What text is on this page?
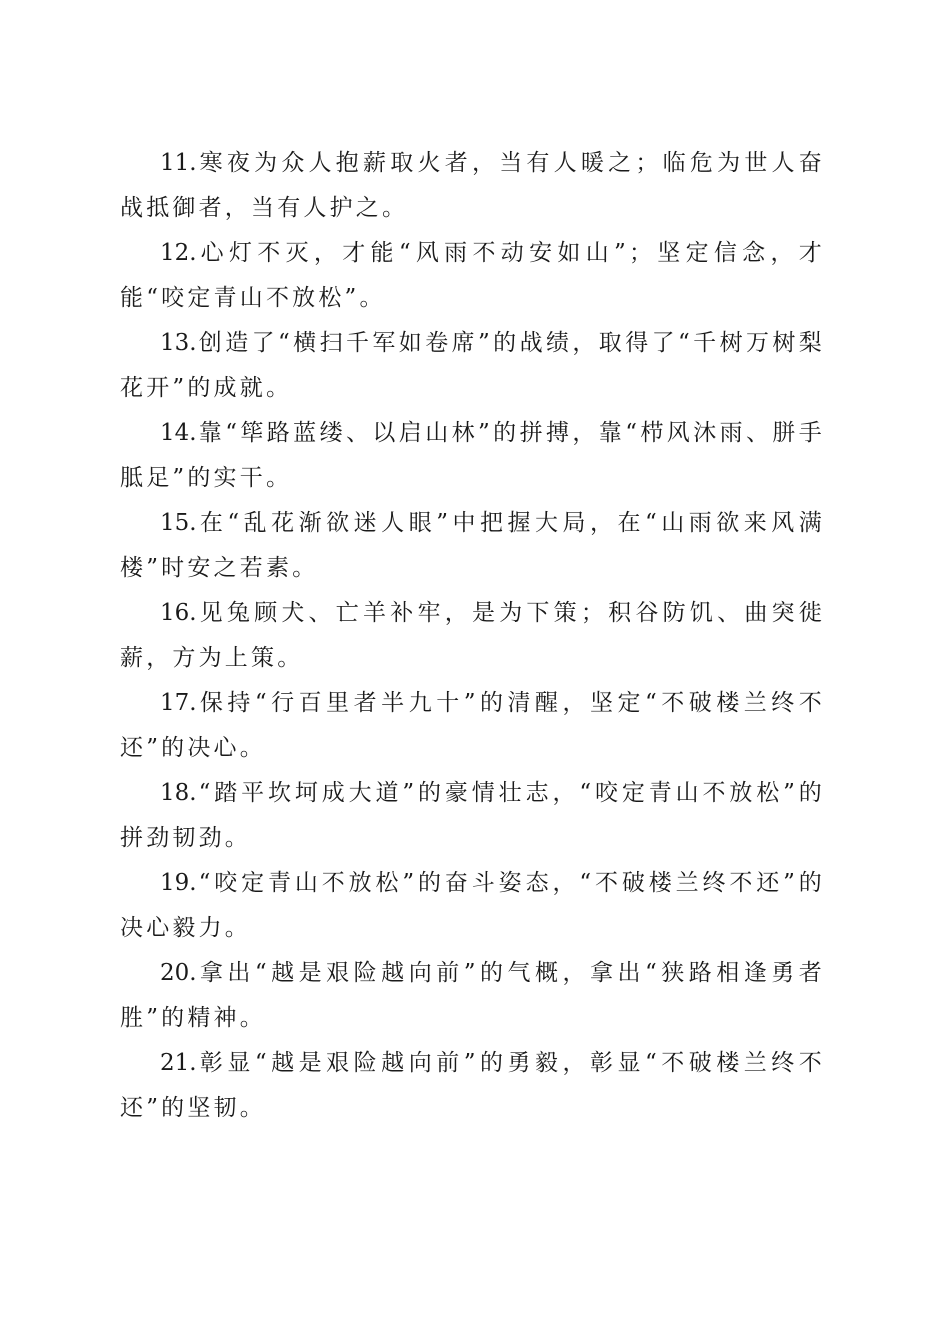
11.寒夜为众人抱薪取火者，当有人暖之；临危为世人奋战抵御者，当有人护之。

12.心灯不灭，才能“风雨不动安如山”；坚定信念，才能“咬定青山不放松”。

13.创造了“横扫千军如卷席”的战绩，取得了“千树万树梨花开”的成就。

14.靠“筚路蓝缕、以启山林”的拼搏，靠“栉风沐雨、胼手胝足”的实干。

15.在“乱花渐欲迷人眼”中把握大局，在“山雨欲来风满楼”时安之若素。

16.见兔顾犬、亡羊补牢，是为下策；积谷防饥、曲突徙薪，方为上策。

17.保持“行百里者半九十”的清醒，坚定“不破楼兰终不还”的决心。

18.“踏平坎坷成大道”的豪情壮志，“咬定青山不放松”的拼劲韧劲。

19.“咬定青山不放松”的奋斗姿态，“不破楼兰终不还”的决心毅力。

20.拿出“越是艰险越向前”的气概，拿出“狭路相逢勇者胜”的精神。

21.彰显“越是艰险越向前”的勇毅，彰显“不破楼兰终不还”的坚韧。
